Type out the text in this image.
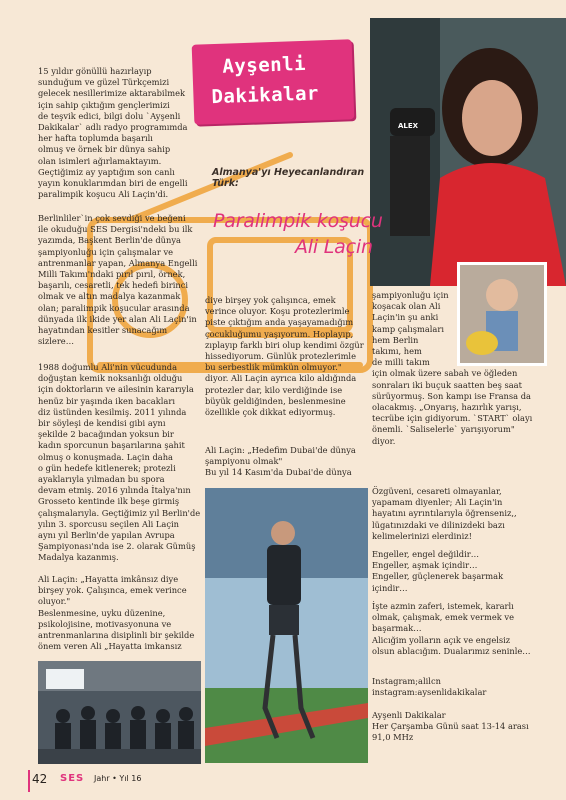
Ayşenli
Dakikalar
ALEX
Almanya'yı Heyecanlandıran Türk:
Paralimpik koşucu
Ali Laçin
15 yıldır gönüllü hazırlayıp
sunduğum ve güzel Türkçemizi
gelecek nesillerimize aktarabilmek
için sahip çıktığım gençlerimizi
de teşvik edici, bilgi dolu `Ayşenli
Dakikalar` adlı radyo programımda
her hafta toplumda başarılı
olmuş ve örnek bir dünya sahip
olan isimleri ağırlamaktayım.
Geçtiğimiz ay yaptığım son canlı
yayın konuklarımdan biri de engelli
paralimpik koşucu Ali Laçin'di.
Berlinliler`in çok sevdiği ve beğeni
ile okuduğu SES Dergisi'ndeki bu ilk
yazımda, Başkent Berlin'de dünya
şampiyonluğu için çalışmalar ve
antrenmanlar yapan, Almanya Engelli
Milli Takımı'ndaki pırıl pırıl, örnek,
başarılı, cesaretli, tek hedefi birinci
olmak ve altın madalya kazanmak
olan; paralimpik koşucular arasında
dünyada ilk ikide yer alan Ali Laçin'in
hayatından kesitler sunacağım
sizlere…
1988 doğumlu Ali'nin vücudunda
doğuştan kemik noksanlığı olduğu
için doktorların ve ailesinin kararıyla
henüz bir yaşında iken bacakları
diz üstünden kesilmiş. 2011 yılında
bir söyleşi de kendisi gibi aynı
şekilde 2 bacağından yoksun bir
kadın sporcunun başarılarına şahit
olmuş o konuşmada. Laçin daha
o gün hedefe kitlenerek; protezli
ayaklarıyla yılmadan bu spora
devam etmiş. 2016 yılında İtalya'nın
Grosseto kentinde ilk beşe girmiş
çalışmalarıyla. Geçtiğimiz yıl Berlin'de
yılın 3. sporcusu seçilen Ali Laçin
aynı yıl Berlin'de yapılan Avrupa
Şampiyonası'nda ise 2. olarak Gümüş
Madalya kazanmış.
Ali Laçin: „Hayatta imkânsız diye
birşey yok. Çalışınca, emek verince
oluyor."
Beslenmesine, uyku düzenine,
psikolojisine, motivasyonuna ve
antrenmanlarına disiplinli bir şekilde
önem veren Ali „Hayatta imkansız
diye birşey yok çalışınca, emek
verince oluyor. Koşu protezlerimle
piste çıktığım anda yaşayamadığım
çocukluğumu yaşıyorum. Hoplayıp,
zıplayıp farklı biri olup kendimi özgür
hissediyorum. Günlük protezlerimle
bu serbestlik mümkün olmuyor."
diyor. Ali Laçin ayrıca kilo aldığında
protezler dar, kilo verdiğinde ise
büyük geldiğinden, beslenmesine
özellikle çok dikkat ediyormuş.
Ali Laçin: „Hedefim Dubai'de dünya
şampiyonu olmak"
Bu yıl 14 Kasım'da Dubai'de dünya
şampiyonluğu için
koşacak olan Ali
Laçin'in şu anki
kamp çalışmaları
hem Berlin
takımı, hem
de milli takım
için olmak üzere sabah ve öğleden
sonraları iki buçuk saatten beş saat
sürüyormuş. Son kampı ise Fransa da
olacakmış. „Onyarış, hazırlık yarışı,
tecrübe için gidiyorum. `START` olayı
önemli. `Saliselerle` yarışıyorum"
diyor.
Özgüveni, cesareti olmayanlar,
yapamam diyenler; Ali Laçin'in
hayatını ayrıntılarıyla öğrenseniz,,
lügatınızdaki ve dilinizdeki bazı
kelimelerinizi elerdiniz!
Engeller, engel değildir…
Engeller, aşmak içindir…
Engeller, güçlenerek başarmak
içindir…
İşte azmin zaferi, istemek, kararlı
olmak, çalışmak, emek vermek ve
başarmak…
Alicığim yolların açık ve engelsiz
olsun ablacığım. Dualarımız seninle…
Instagram;alilcn
instagram:aysenlidakikalar
Ayşenli Dakikalar
Her Çarşamba Günü saat 13-14 arası
91,0 MHz
42 SES Jahr • Yıl 16
